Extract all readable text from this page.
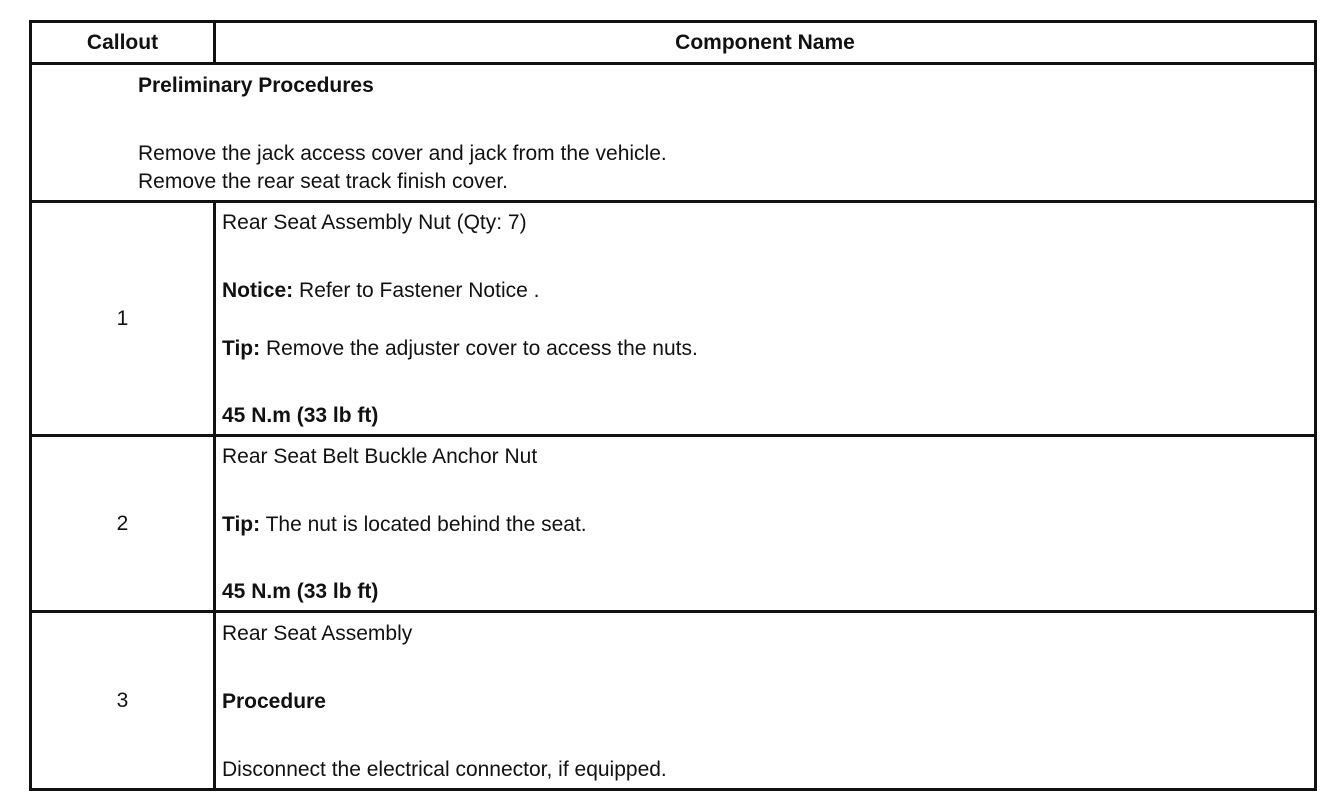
Callout	Component Name
Preliminary Procedures
Remove the jack access cover and jack from the vehicle.
Remove the rear seat track finish cover.
1
Rear Seat Assembly Nut (Qty: 7)
Notice: Refer to Fastener Notice .
Tip: Remove the adjuster cover to access the nuts.
45 N.m (33 lb ft)
2
Rear Seat Belt Buckle Anchor Nut
Tip: The nut is located behind the seat.
45 N.m (33 lb ft)
3
Rear Seat Assembly
Procedure
Disconnect the electrical connector, if equipped.
